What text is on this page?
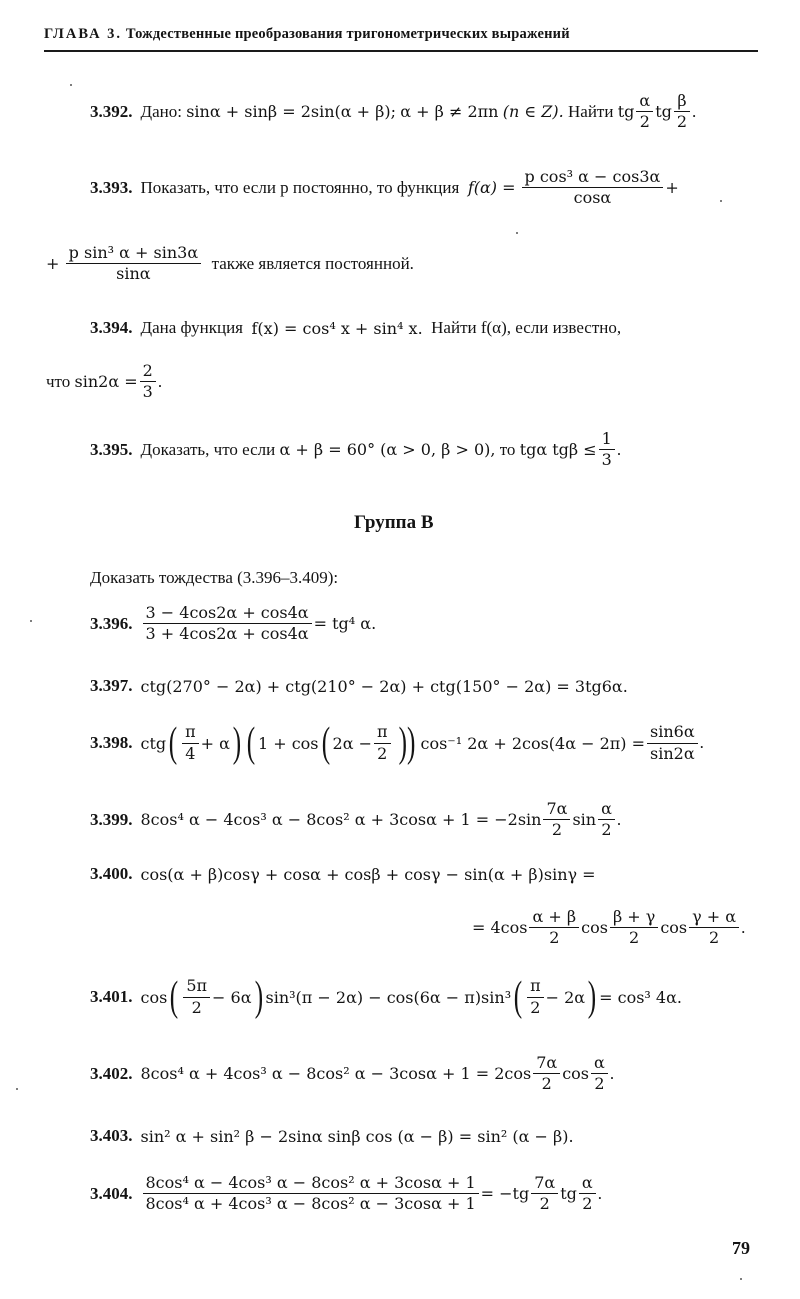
ГЛАВА 3. Тождественные преобразования тригонометрических выражений
3.392. Дано:
sinα + sinβ = 2sin(α + β);
α + β ≠ 2πn
(n ∈ Z).
Найти
tg $\frac{\alpha}{2}$ tg $\frac{\beta}{2}$ .
3.393. Показать, что если p постоянно, то функция
$f(\alpha) = \frac{\text{p cos³ α − cos3α}}{\cos\alpha}$ +
+
$\frac{\text{p sin³ α + sin3α}}{\sin\alpha}$
также является постоянной.
3.394. Дана функция
f(x) = cos⁴ x + sin⁴ x.
Найти f(α), если известно,
что
$\sin 2\alpha = \frac{2}{3}$ .
3.395. Доказать, что если
α + β = 60° (α > 0, β > 0),
то
tgα $tg\beta \le \frac{1}{3}$ .
Группа В
Доказать тождества (3.396–3.409):
3.396. $\frac{3 - 4\cos 2\alpha + \cos 4\alpha}{3 + 4\cos 2\alpha + \cos 4\alpha} = tg^4$ α.
3.397. ctg(270° − 2α) + ctg(210° − 2α) + ctg(150° − 2α) = 3tg6α.
3.398. ctg ( $\frac{\pi}{4} + \alpha$ ) ( 1 + cos ( $2\alpha - \frac{\pi}{2}$ )) cos⁻¹ $2\alpha + 2\cos(4\alpha - 2\pi) = \frac{\sin 6\alpha}{\sin 2\alpha}$ .
3.399. 8cos⁴ α − 4cos³ α − 8cos² $\alpha + 3\cos\alpha + 1 = -2\sin \frac{7\alpha}{2}$ $\sin \frac{\alpha}{2}$ .
3.400. cos(α + β)cosγ + cosα + cosβ + cosγ − sin(α + β)sinγ =
= $4\cos \frac{\alpha + \beta}{2}$ $\cos \frac{\beta + \gamma}{2}$ $\cos \frac{\gamma + \alpha}{2}$ .
3.401. cos ( $\frac{5\pi}{2} - 6\alpha$ ) sin³(π − 2α) − cos(6α − π)sin³ ( $\frac{\pi}{2} - 2\alpha$ ) = cos³ 4α.
3.402. 8cos⁴ α + 4cos³ α − 8cos² $\alpha - 3\cos\alpha + 1 = 2\cos \frac{7\alpha}{2}$ $\cos \frac{\alpha}{2}$ .
3.403. sin² α + sin² β − 2sinα sinβ cos (α − β) = sin² (α − β).
3.404. $\frac{\text{8cos⁴ α − 4cos³ α − 8cos² α + 3cosα + 1}}{\text{8cos⁴ α + 4cos³ α − 8cos² α − 3cosα + 1}} = -tg \frac{7\alpha}{2}$ tg $\frac{\alpha}{2}$ .
79
